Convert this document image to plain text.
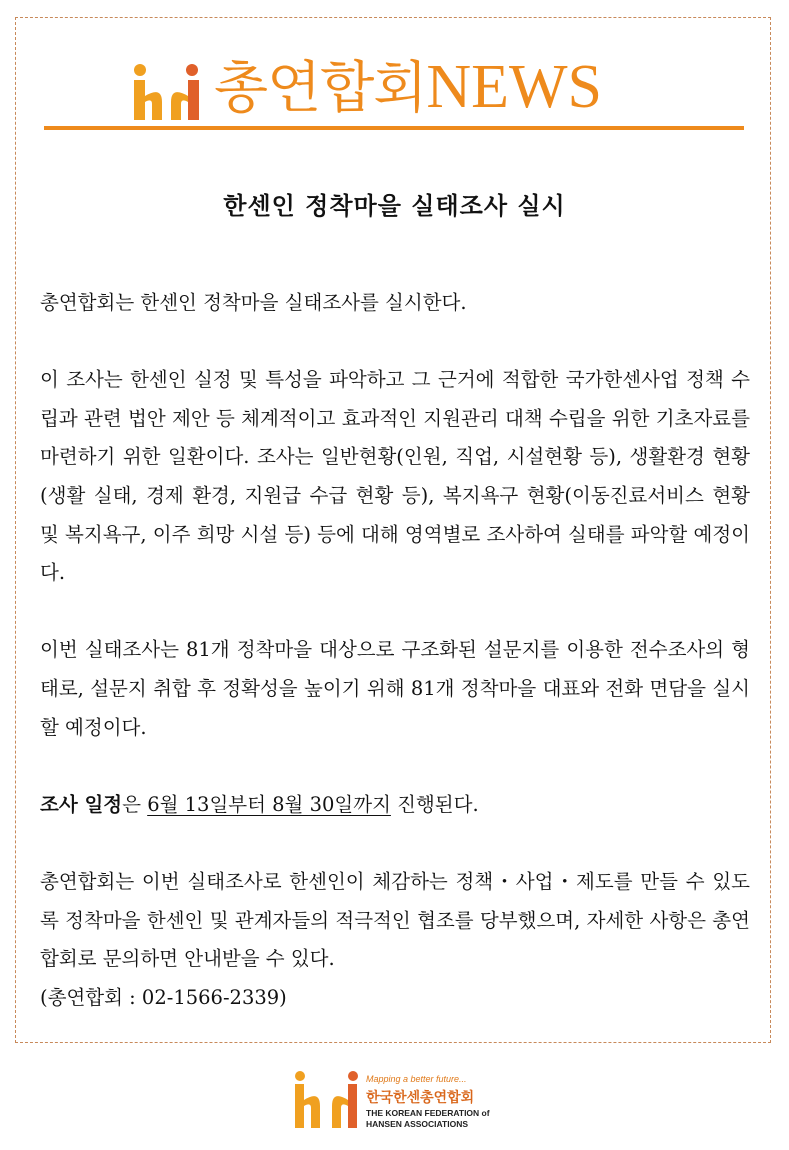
총연합회NEWS
한센인 정착마을 실태조사 실시

총연합회는 한센인 정착마을 실태조사를 실시한다.

이 조사는 한센인 실정 및 특성을 파악하고 그 근거에 적합한 국가한센사업 정책 수립과 관련 법안 제안 등 체계적이고 효과적인 지원관리 대책 수립을 위한 기초자료를 마련하기 위한 일환이다. 조사는 일반현황(인원, 직업, 시설현황 등), 생활환경 현황(생활 실태, 경제 환경, 지원급 수급 현황 등), 복지욕구 현황(이동진료서비스 현황 및 복지욕구, 이주 희망 시설 등) 등에 대해 영역별로 조사하여 실태를 파악할 예정이다.

이번 실태조사는 81개 정착마을 대상으로 구조화된 설문지를 이용한 전수조사의 형태로, 설문지 취합 후 정확성을 높이기 위해 81개 정착마을 대표와 전화 면담을 실시할 예정이다.

조사 일정은 6월 13일부터 8월 30일까지 진행된다.

총연합회는 이번 실태조사로 한센인이 체감하는 정책・사업・제도를 만들 수 있도록 정착마을 한센인 및 관계자들의 적극적인 협조를 당부했으며, 자세한 사항은 총연합회로 문의하면 안내받을 수 있다.

(총연합회 : 02-1566-2339)

Mapping a better future...
한국한센총연합회
THE KOREAN FEDERATION of
HANSEN ASSOCIATIONS
